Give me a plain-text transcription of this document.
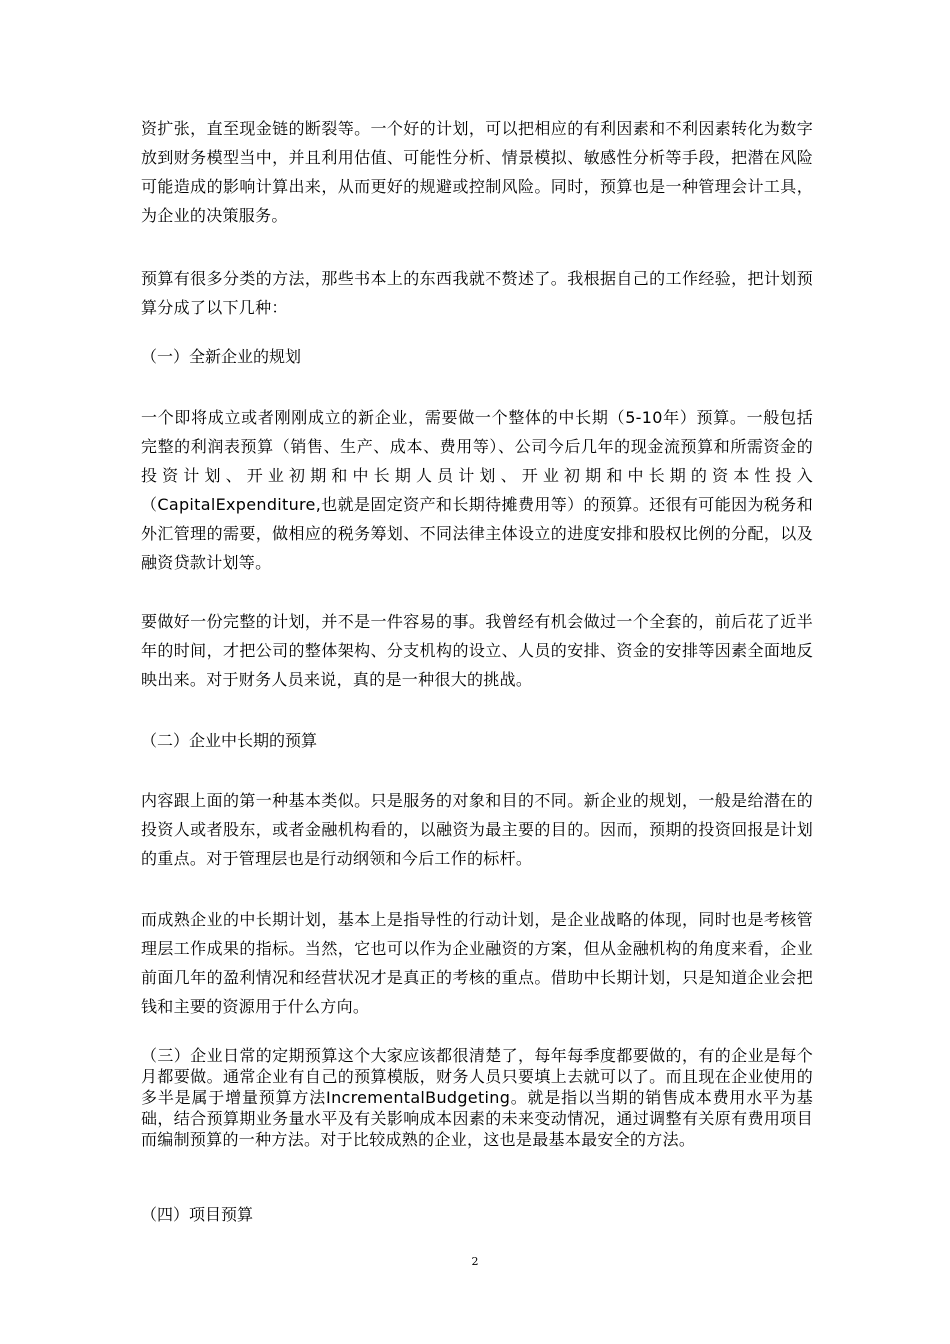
资扩张，直至现金链的断裂等。一个好的计划，可以把相应的有利因素和不利因素转化为数字放到财务模型当中，并且利用估值、可能性分析、情景模拟、敏感性分析等手段，把潜在风险可能造成的影响计算出来，从而更好的规避或控制风险。同时，预算也是一种管理会计工具，为企业的决策服务。

预算有很多分类的方法，那些书本上的东西我就不赘述了。我根据自己的工作经验，把计划预算分成了以下几种：

（一）全新企业的规划

一个即将成立或者刚刚成立的新企业，需要做一个整体的中长期（5-10年）预算。一般包括完整的利润表预算（销售、生产、成本、费用等）、公司今后几年的现金流预算和所需资金的投资计划、开业初期和中长期人员计划、开业初期和中长期的资本性投入（CapitalExpenditure,也就是固定资产和长期待摊费用等）的预算。还很有可能因为税务和外汇管理的需要，做相应的税务筹划、不同法律主体设立的进度安排和股权比例的分配，以及融资贷款计划等。

要做好一份完整的计划，并不是一件容易的事。我曾经有机会做过一个全套的，前后花了近半年的时间，才把公司的整体架构、分支机构的设立、人员的安排、资金的安排等因素全面地反映出来。对于财务人员来说，真的是一种很大的挑战。

（二）企业中长期的预算

内容跟上面的第一种基本类似。只是服务的对象和目的不同。新企业的规划，一般是给潜在的投资人或者股东，或者金融机构看的，以融资为最主要的目的。因而，预期的投资回报是计划的重点。对于管理层也是行动纲领和今后工作的标杆。

而成熟企业的中长期计划，基本上是指导性的行动计划，是企业战略的体现，同时也是考核管理层工作成果的指标。当然，它也可以作为企业融资的方案，但从金融机构的角度来看，企业前面几年的盈利情况和经营状况才是真正的考核的重点。借助中长期计划，只是知道企业会把钱和主要的资源用于什么方向。

（三）企业日常的定期预算这个大家应该都很清楚了，每年每季度都要做的，有的企业是每个月都要做。通常企业有自己的预算模版，财务人员只要填上去就可以了。而且现在企业使用的多半是属于增量预算方法IncrementalBudgeting。就是指以当期的销售成本费用水平为基础，结合预算期业务量水平及有关影响成本因素的未来变动情况，通过调整有关原有费用项目而编制预算的一种方法。对于比较成熟的企业，这也是最基本最安全的方法。

（四）项目预算

2
